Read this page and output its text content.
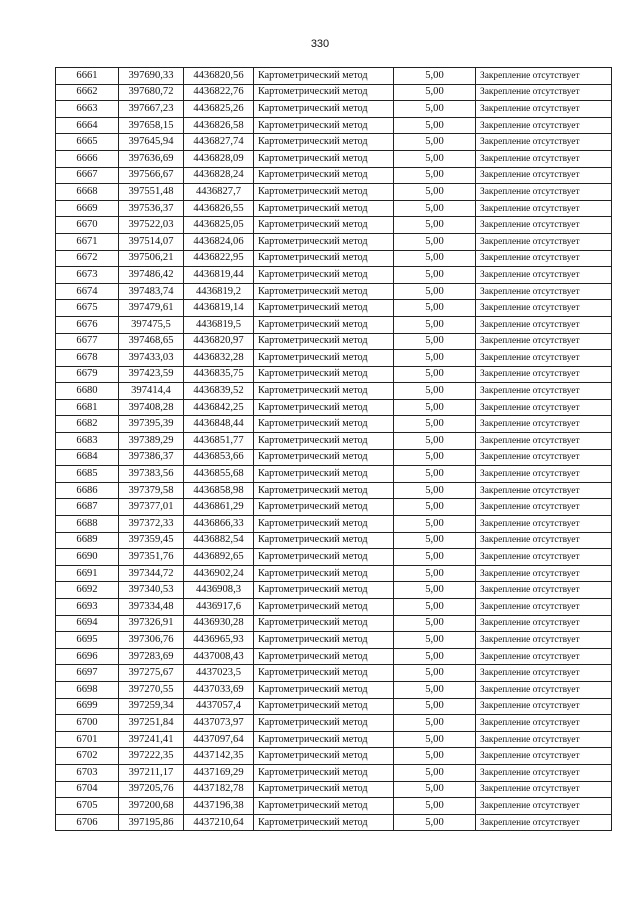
330
6661	397690,33	4436820,56	Картометрический метод	5,00	Закрепление отсутствует
6662	397680,72	4436822,76	Картометрический метод	5,00	Закрепление отсутствует
6663	397667,23	4436825,26	Картометрический метод	5,00	Закрепление отсутствует
6664	397658,15	4436826,58	Картометрический метод	5,00	Закрепление отсутствует
6665	397645,94	4436827,74	Картометрический метод	5,00	Закрепление отсутствует
6666	397636,69	4436828,09	Картометрический метод	5,00	Закрепление отсутствует
6667	397566,67	4436828,24	Картометрический метод	5,00	Закрепление отсутствует
6668	397551,48	4436827,7	Картометрический метод	5,00	Закрепление отсутствует
6669	397536,37	4436826,55	Картометрический метод	5,00	Закрепление отсутствует
6670	397522,03	4436825,05	Картометрический метод	5,00	Закрепление отсутствует
6671	397514,07	4436824,06	Картометрический метод	5,00	Закрепление отсутствует
6672	397506,21	4436822,95	Картометрический метод	5,00	Закрепление отсутствует
6673	397486,42	4436819,44	Картометрический метод	5,00	Закрепление отсутствует
6674	397483,74	4436819,2	Картометрический метод	5,00	Закрепление отсутствует
6675	397479,61	4436819,14	Картометрический метод	5,00	Закрепление отсутствует
6676	397475,5	4436819,5	Картометрический метод	5,00	Закрепление отсутствует
6677	397468,65	4436820,97	Картометрический метод	5,00	Закрепление отсутствует
6678	397433,03	4436832,28	Картометрический метод	5,00	Закрепление отсутствует
6679	397423,59	4436835,75	Картометрический метод	5,00	Закрепление отсутствует
6680	397414,4	4436839,52	Картометрический метод	5,00	Закрепление отсутствует
6681	397408,28	4436842,25	Картометрический метод	5,00	Закрепление отсутствует
6682	397395,39	4436848,44	Картометрический метод	5,00	Закрепление отсутствует
6683	397389,29	4436851,77	Картометрический метод	5,00	Закрепление отсутствует
6684	397386,37	4436853,66	Картометрический метод	5,00	Закрепление отсутствует
6685	397383,56	4436855,68	Картометрический метод	5,00	Закрепление отсутствует
6686	397379,58	4436858,98	Картометрический метод	5,00	Закрепление отсутствует
6687	397377,01	4436861,29	Картометрический метод	5,00	Закрепление отсутствует
6688	397372,33	4436866,33	Картометрический метод	5,00	Закрепление отсутствует
6689	397359,45	4436882,54	Картометрический метод	5,00	Закрепление отсутствует
6690	397351,76	4436892,65	Картометрический метод	5,00	Закрепление отсутствует
6691	397344,72	4436902,24	Картометрический метод	5,00	Закрепление отсутствует
6692	397340,53	4436908,3	Картометрический метод	5,00	Закрепление отсутствует
6693	397334,48	4436917,6	Картометрический метод	5,00	Закрепление отсутствует
6694	397326,91	4436930,28	Картометрический метод	5,00	Закрепление отсутствует
6695	397306,76	4436965,93	Картометрический метод	5,00	Закрепление отсутствует
6696	397283,69	4437008,43	Картометрический метод	5,00	Закрепление отсутствует
6697	397275,67	4437023,5	Картометрический метод	5,00	Закрепление отсутствует
6698	397270,55	4437033,69	Картометрический метод	5,00	Закрепление отсутствует
6699	397259,34	4437057,4	Картометрический метод	5,00	Закрепление отсутствует
6700	397251,84	4437073,97	Картометрический метод	5,00	Закрепление отсутствует
6701	397241,41	4437097,64	Картометрический метод	5,00	Закрепление отсутствует
6702	397222,35	4437142,35	Картометрический метод	5,00	Закрепление отсутствует
6703	397211,17	4437169,29	Картометрический метод	5,00	Закрепление отсутствует
6704	397205,76	4437182,78	Картометрический метод	5,00	Закрепление отсутствует
6705	397200,68	4437196,38	Картометрический метод	5,00	Закрепление отсутствует
6706	397195,86	4437210,64	Картометрический метод	5,00	Закрепление отсутствует
